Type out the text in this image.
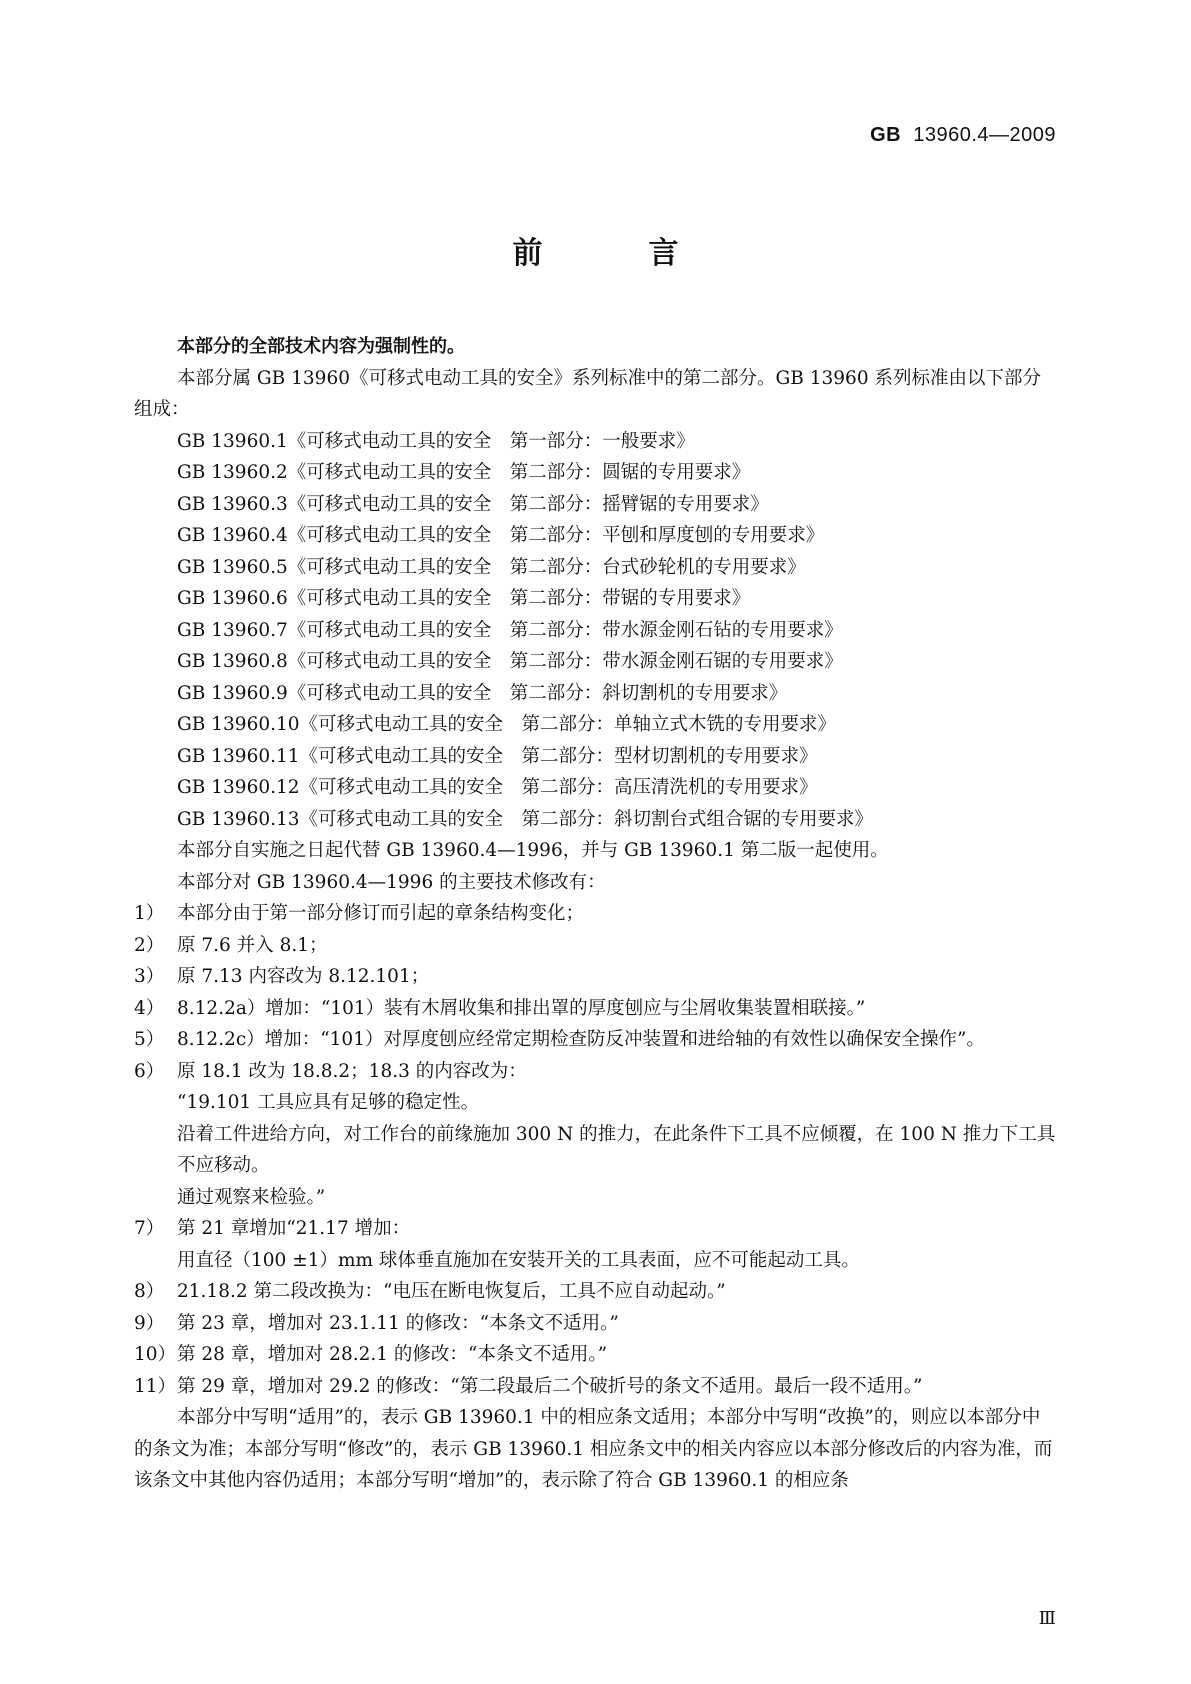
GB 13960.4—2009
前　言
本部分的全部技术内容为强制性的。
本部分属 GB 13960《可移式电动工具的安全》系列标准中的第二部分。GB 13960 系列标准由以下部分组成：
GB 13960.1《可移式电动工具的安全　第一部分：一般要求》
GB 13960.2《可移式电动工具的安全　第二部分：圆锯的专用要求》
GB 13960.3《可移式电动工具的安全　第二部分：摇臂锯的专用要求》
GB 13960.4《可移式电动工具的安全　第二部分：平刨和厚度刨的专用要求》
GB 13960.5《可移式电动工具的安全　第二部分：台式砂轮机的专用要求》
GB 13960.6《可移式电动工具的安全　第二部分：带锯的专用要求》
GB 13960.7《可移式电动工具的安全　第二部分：带水源金刚石钻的专用要求》
GB 13960.8《可移式电动工具的安全　第二部分：带水源金刚石锯的专用要求》
GB 13960.9《可移式电动工具的安全　第二部分：斜切割机的专用要求》
GB 13960.10《可移式电动工具的安全　第二部分：单轴立式木铣的专用要求》
GB 13960.11《可移式电动工具的安全　第二部分：型材切割机的专用要求》
GB 13960.12《可移式电动工具的安全　第二部分：高压清洗机的专用要求》
GB 13960.13《可移式电动工具的安全　第二部分：斜切割台式组合锯的专用要求》
本部分自实施之日起代替 GB 13960.4—1996，并与 GB 13960.1 第二版一起使用。
本部分对 GB 13960.4—1996 的主要技术修改有：
1） 本部分由于第一部分修订而引起的章条结构变化；
2） 原 7.6 并入 8.1；
3） 原 7.13 内容改为 8.12.101；
4） 8.12.2a）增加：“101）装有木屑收集和排出罩的厚度刨应与尘屑收集装置相联接。”
5） 8.12.2c）增加：“101）对厚度刨应经常定期检查防反冲装置和进给轴的有效性以确保安全操作”。
6） 原 18.1 改为 18.8.2；18.3 的内容改为：
“19.101 工具应具有足够的稳定性。
沿着工件进给方向，对工作台的前缘施加 300 N 的推力，在此条件下工具不应倾覆，在 100 N 推力下工具不应移动。
通过观察来检验。”
7） 第 21 章增加“21.17 增加：
用直径（100 ±1）mm 球体垂直施加在安装开关的工具表面，应不可能起动工具。
8） 21.18.2 第二段改换为：“电压在断电恢复后，工具不应自动起动。”
9） 第 23 章，增加对 23.1.11 的修改：“本条文不适用。”
10） 第 28 章，增加对 28.2.1 的修改：“本条文不适用。”
11） 第 29 章，增加对 29.2 的修改：“第二段最后二个破折号的条文不适用。最后一段不适用。”
本部分中写明“适用”的，表示 GB 13960.1 中的相应条文适用；本部分中写明“改换”的，则应以本部分中的条文为准；本部分写明“修改”的，表示 GB 13960.1 相应条文中的相关内容应以本部分修改后的内容为准，而该条文中其他内容仍适用；本部分写明“增加”的，表示除了符合 GB 13960.1 的相应条
Ⅲ
